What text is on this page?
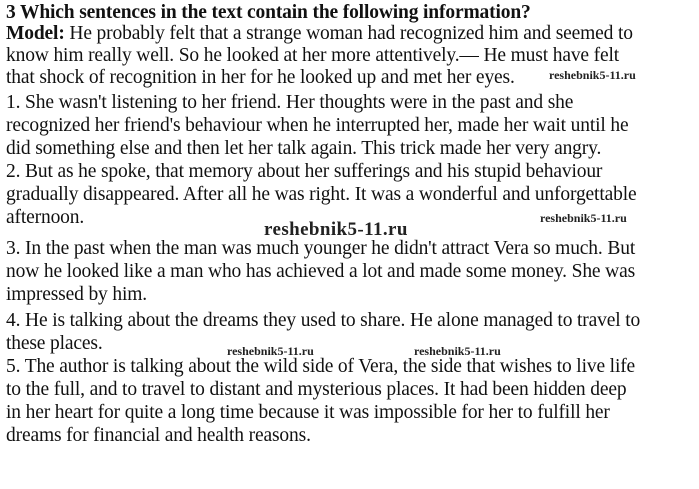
3 Which sentences in the text contain the following information?
Model: He probably felt that a strange woman had recognized him and seemed to
know him really well. So he looked at her more attentively.— He must have felt
that shock of recognition in her for he looked up and met her eyes.
1. She wasn't listening to her friend. Her thoughts were in the past and she
recognized her friend's behaviour when he interrupted her, made her wait until he
did something else and then let her talk again. This trick made her very angry.
2. But as he spoke, that memory about her sufferings and his stupid behaviour
gradually disappeared. After all he was right. It was a wonderful and unforgettable
afternoon.
3. In the past when the man was much younger he didn't attract Vera so much. But
now he looked like a man who has achieved a lot and made some money. She was
impressed by him.
4. He is talking about the dreams they used to share. He alone managed to travel to
these places.
5. The author is talking about the wild side of Vera, the side that wishes to live life
to the full, and to travel to distant and mysterious places. It had been hidden deep
in her heart for quite a long time because it was impossible for her to fulfill her
dreams for financial and health reasons.
reshebnik5-11.ru
reshebnik5-11.ru
reshebnik5-11.ru
reshebnik5-11.ru	reshebnik5-11.ru
